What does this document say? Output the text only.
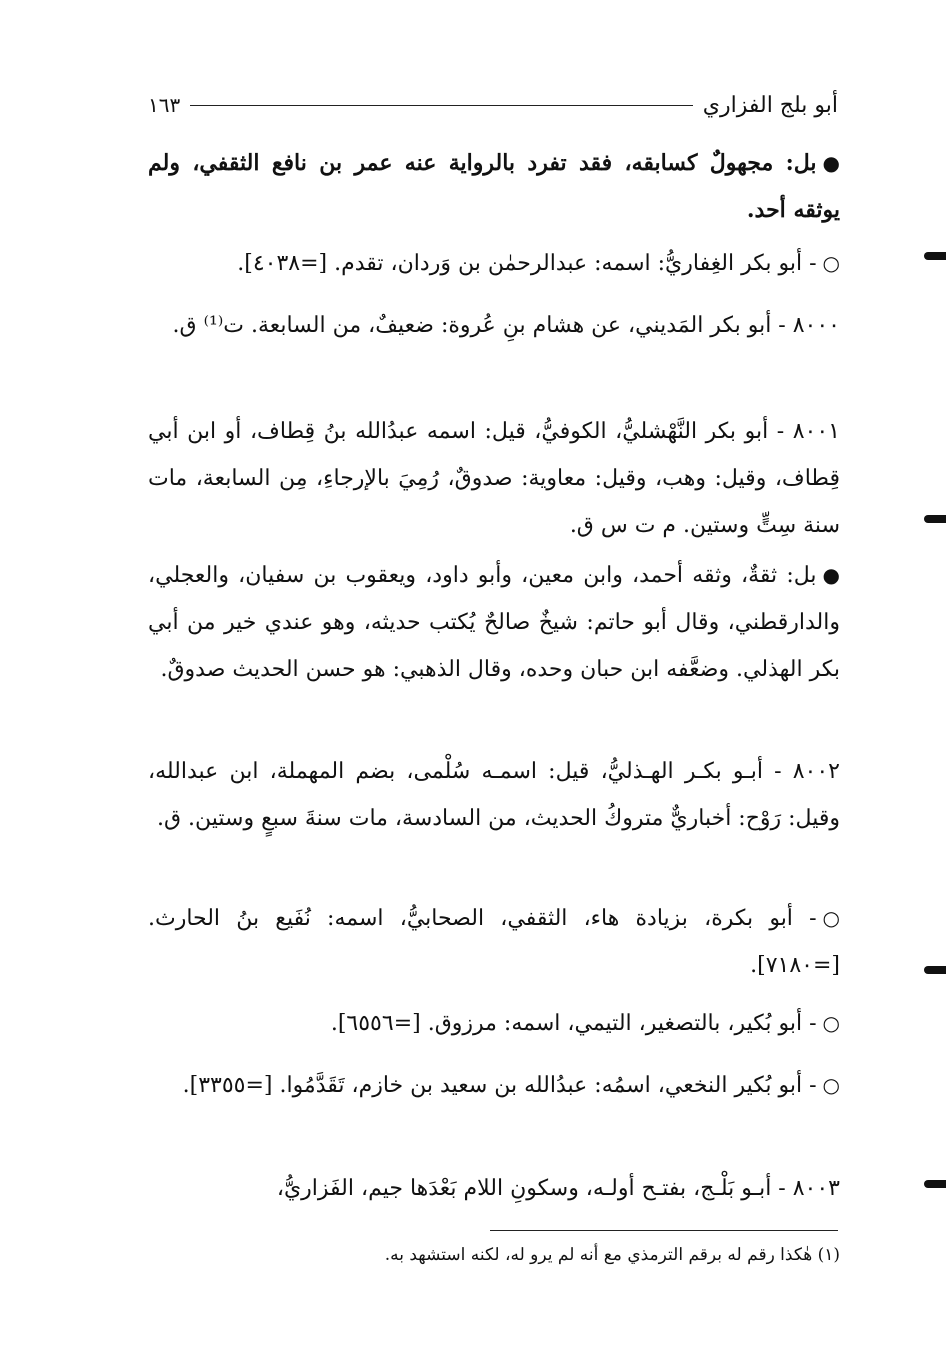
أبو بلج الفزاري
١٦٣
●بل: مجهولٌ كسابقه، فقد تفرد بالرواية عنه عمر بن نافع الثقفي، ولم يوثقه أحد.
○- أبو بكر الغِفاريُّ: اسمه: عبدالرحمٰن بن وَردان، تقدم. [=٤٠٣٨].
٨٠٠٠ - أبو بكر المَديني، عن هشام بنِ عُروة: ضعيفٌ، من السابعة. ت⁽¹⁾ ق.
٨٠٠١ - أبو بكر النَّهْشليُّ، الكوفيُّ، قيل: اسمه عبدُالله بنُ قِطاف، أو ابن أبي قِطاف، وقيل: وهب، وقيل: معاوية: صدوقٌ، رُمِيَ بالإرجاءِ، مِن السابعة، مات سنة سِتٍّ وستين. م ت س ق.
●بل: ثقةٌ، وثقه أحمد، وابن معين، وأبو داود، ويعقوب بن سفيان، والعجلي، والدارقطني، وقال أبو حاتم: شيخٌ صالحٌ يُكتب حديثه، وهو عندي خير من أبي بكر الهذلي. وضعَّفه ابن حبان وحده، وقال الذهبي: هو حسن الحديث صدوقٌ.
٨٠٠٢ - أبـو بكـر الهـذليُّ، قيل: اسمـه سُلْمى، بضم المهملة، ابن عبدالله، وقيل: رَوْح: أخباريٌّ متروكُ الحديث، من السادسة، مات سنةَ سبعٍ وستين. ق.
○- أبو بكرة، بزيادة هاء، الثقفي، الصحابيُّ، اسمه: نُفَيع بنُ الحارث. [=٧١٨٠].
○- أبو بُكير، بالتصغير، التيمي، اسمه: مرزوق. [=٦٥٥٦].
○- أبو بُكير النخعي، اسمُه: عبدُالله بن سعيد بن خازم، تَقَدَّمُوا. [=٣٣٥٥].
٨٠٠٣ - أبـو بَلْـج، بفتـح أولـه، وسكونِ اللام بَعْدَها جيم، الفَزاريُّ،
(١) هٰكذا رقم له برقم الترمذي مع أنه لم يرو له، لكنه استشهد به.
